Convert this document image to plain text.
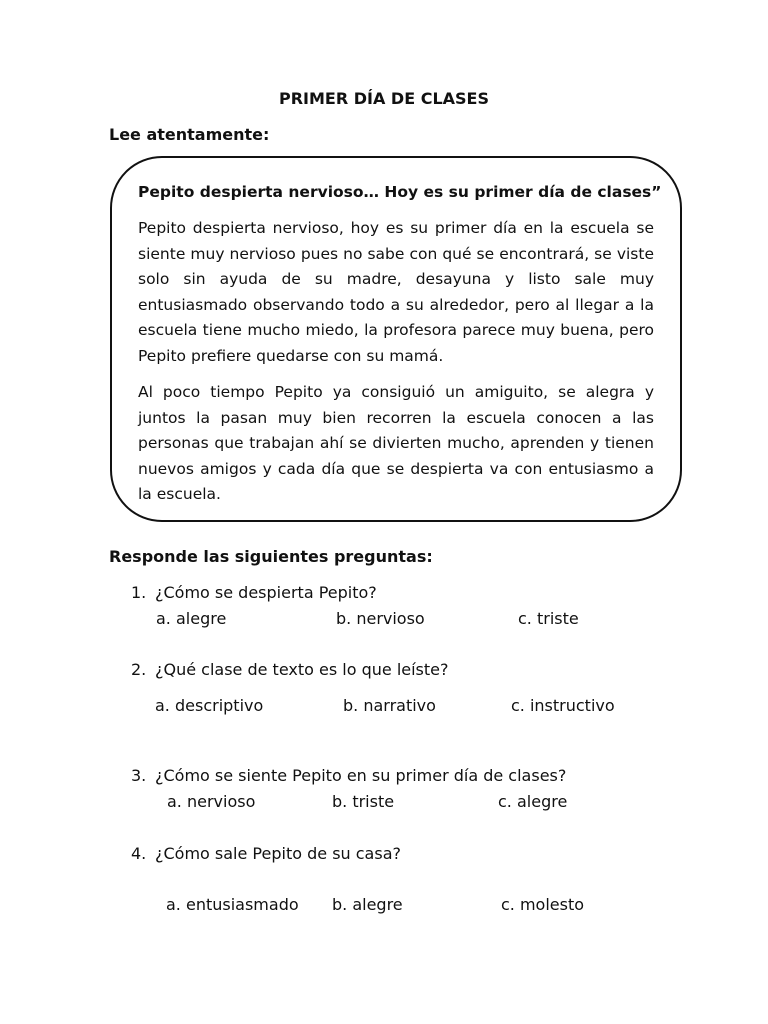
PRIMER DÍA DE CLASES
Lee atentamente:
Pepito despierta nervioso… Hoy es su primer día de clases”

Pepito despierta nervioso, hoy es su primer día en la escuela se siente muy nervioso pues no sabe con qué se encontrará, se viste solo sin ayuda de su madre, desayuna y listo sale muy entusiasmado observando todo a su alrededor, pero al llegar a la escuela tiene mucho miedo, la profesora parece muy buena, pero Pepito prefiere quedarse con su mamá.

Al poco tiempo Pepito ya consiguió un amiguito, se alegra y juntos la pasan muy bien recorren la escuela conocen a las personas que trabajan ahí se divierten mucho, aprenden y tienen nuevos amigos y cada día que se despierta va con entusiasmo a la escuela.

Responde las siguientes preguntas:
1. ¿Cómo se despierta Pepito?
a. alegre	b. nervioso	c. triste
2. ¿Qué clase de texto es lo que leíste?
a. descriptivo	b. narrativo	c. instructivo
3. ¿Cómo se siente Pepito en su primer día de clases?
a. nervioso	b. triste	c. alegre
4. ¿Cómo sale Pepito de su casa?
a. entusiasmado b. alegre	c. molesto
